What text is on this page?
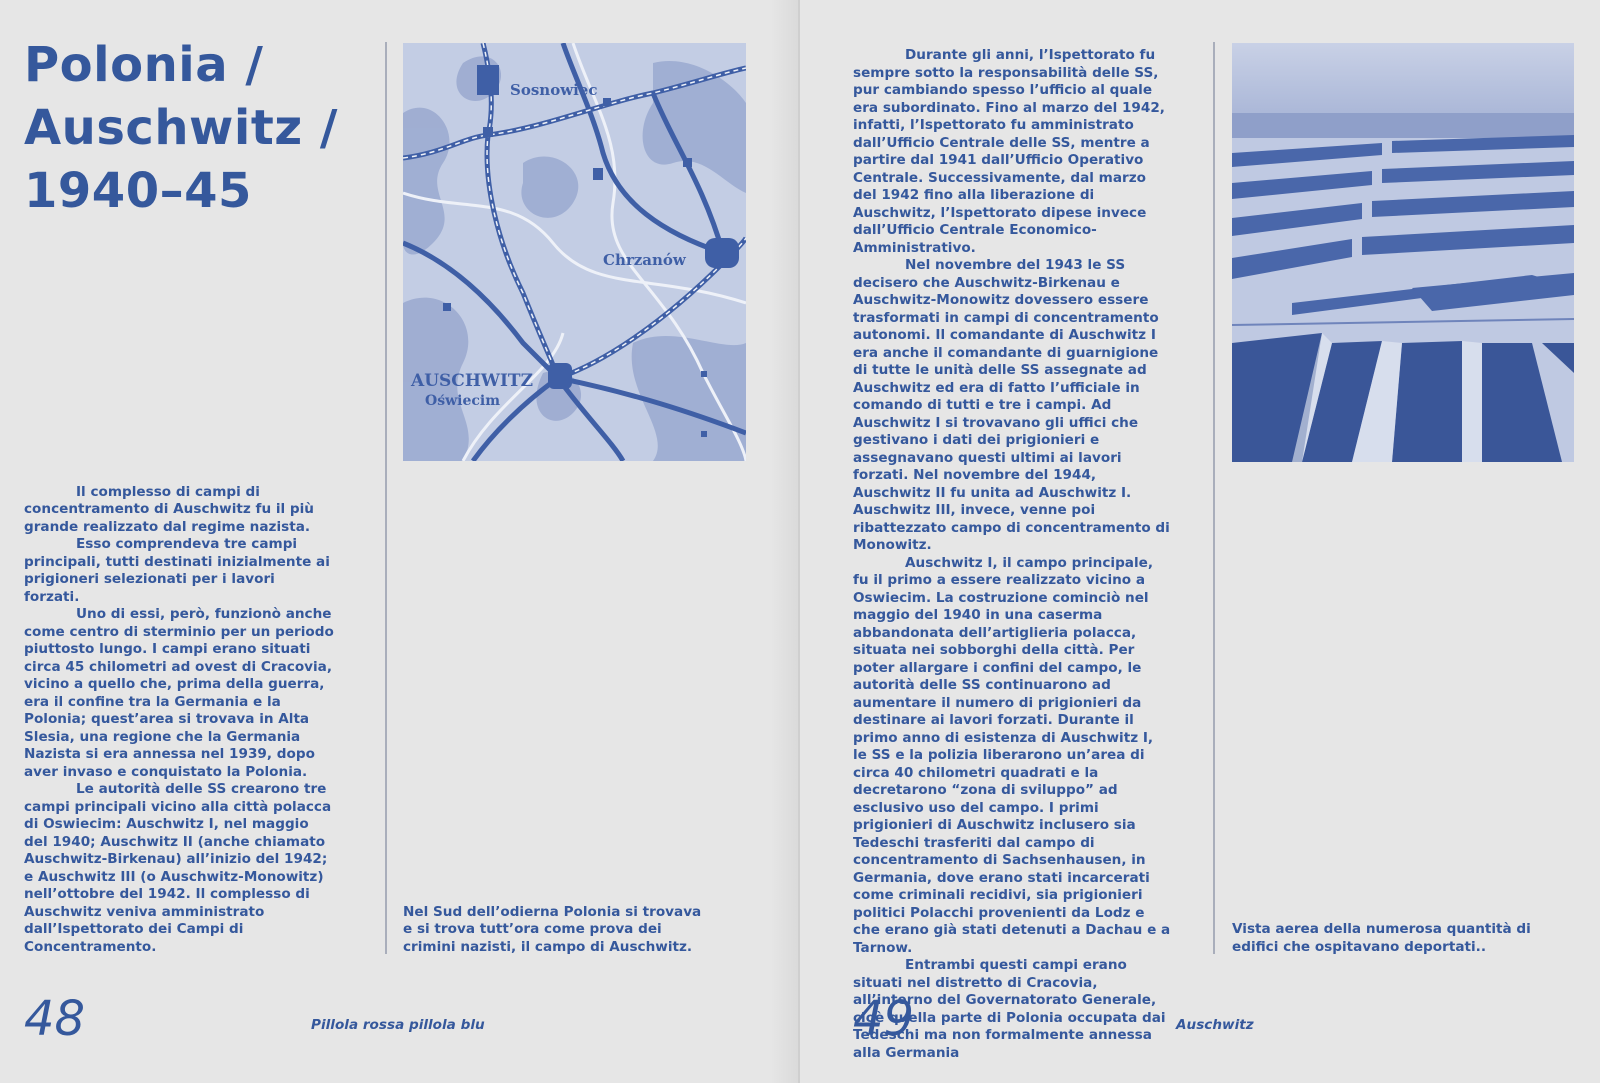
Polonia /
Auschwitz /
1940–45
Sosnowiec
Chrzanów
AUSCHWITZ
Oświecim

Il complesso di campi di concentramento di Auschwitz fu il più grande realizzato dal regime nazista.

Esso comprendeva tre campi principali, tutti destinati inizialmente ai prigioneri selezionati per i lavori forzati.

Uno di essi, però, funzionò anche come centro di sterminio per un periodo piuttosto lungo. I campi erano situati circa 45 chilometri ad ovest di Cracovia, vicino a quello che, prima della guerra, era il confine tra la Germania e la Polonia; quest’area si trovava in Alta Slesia, una regione che la Germania Nazista si era annessa nel 1939, dopo aver invaso e conquistato la Polonia.

Le autorità delle SS crearono tre campi principali vicino alla città polacca di Oswiecim: Auschwitz I, nel maggio del 1940; Auschwitz II (anche chiamato Auschwitz-Birkenau) all’inizio del 1942; e Auschwitz III (o Auschwitz-Monowitz) nell’ottobre del 1942. Il complesso di Auschwitz veniva amministrato dall’Ispettorato dei Campi di Concentramento.

Nel Sud dell’odierna Polonia si trovava e si trova tutt’ora come prova dei crimini nazisti, il campo di Auschwitz.

48	Pillola rossa pillola blu

Durante gli anni, l’Ispettorato fu sempre sotto la responsabilità delle SS, pur cambiando spesso l’ufficio al quale era subordinato. Fino al marzo del 1942, infatti, l’Ispettorato fu amministrato dall’Ufficio Centrale delle SS, mentre a partire dal 1941 dall’Ufficio Operativo Centrale. Successivamente, dal marzo del 1942 fino alla liberazione di Auschwitz, l’Ispettorato dipese invece dall’Ufficio Centrale Economico-Amministrativo.

Nel novembre del 1943 le SS decisero che Auschwitz-Birkenau e Auschwitz-Monowitz dovessero essere trasformati in campi di concentramento autonomi. Il comandante di Auschwitz I era anche il comandante di guarnigione di tutte le unità delle SS assegnate ad Auschwitz ed era di fatto l’ufficiale in comando di tutti e tre i campi. Ad Auschwitz I si trovavano gli uffici che gestivano i dati dei prigionieri e assegnavano questi ultimi ai lavori forzati. Nel novembre del 1944, Auschwitz II fu unita ad Auschwitz I. Auschwitz III, invece, venne poi ribattezzato campo di concentramento di Monowitz.

Auschwitz I, il campo principale, fu il primo a essere realizzato vicino a Oswiecim. La costruzione cominciò nel maggio del 1940 in una caserma abbandonata dell’artiglieria polacca, situata nei sobborghi della città. Per poter allargare i confini del campo, le autorità delle SS continuarono ad aumentare il numero di prigionieri da destinare ai lavori forzati. Durante il primo anno di esistenza di Auschwitz I, le SS e la polizia liberarono un’area di circa 40 chilometri quadrati e la decretarono “zona di sviluppo” ad esclusivo uso del campo. I primi prigionieri di Auschwitz inclusero sia Tedeschi trasferiti dal campo di concentramento di Sachsenhausen, in Germania, dove erano stati incarcerati come criminali recidivi, sia prigionieri politici Polacchi provenienti da Lodz e che erano già stati detenuti a Dachau e a Tarnow.

Entrambi questi campi erano situati nel distretto di Cracovia, all’interno del Governatorato Generale, cioè quella parte di Polonia occupata dai Tedeschi ma non formalmente annessa alla Germania

Vista aerea della numerosa quantità di edifici che ospitavano deportati..

49	Auschwitz
